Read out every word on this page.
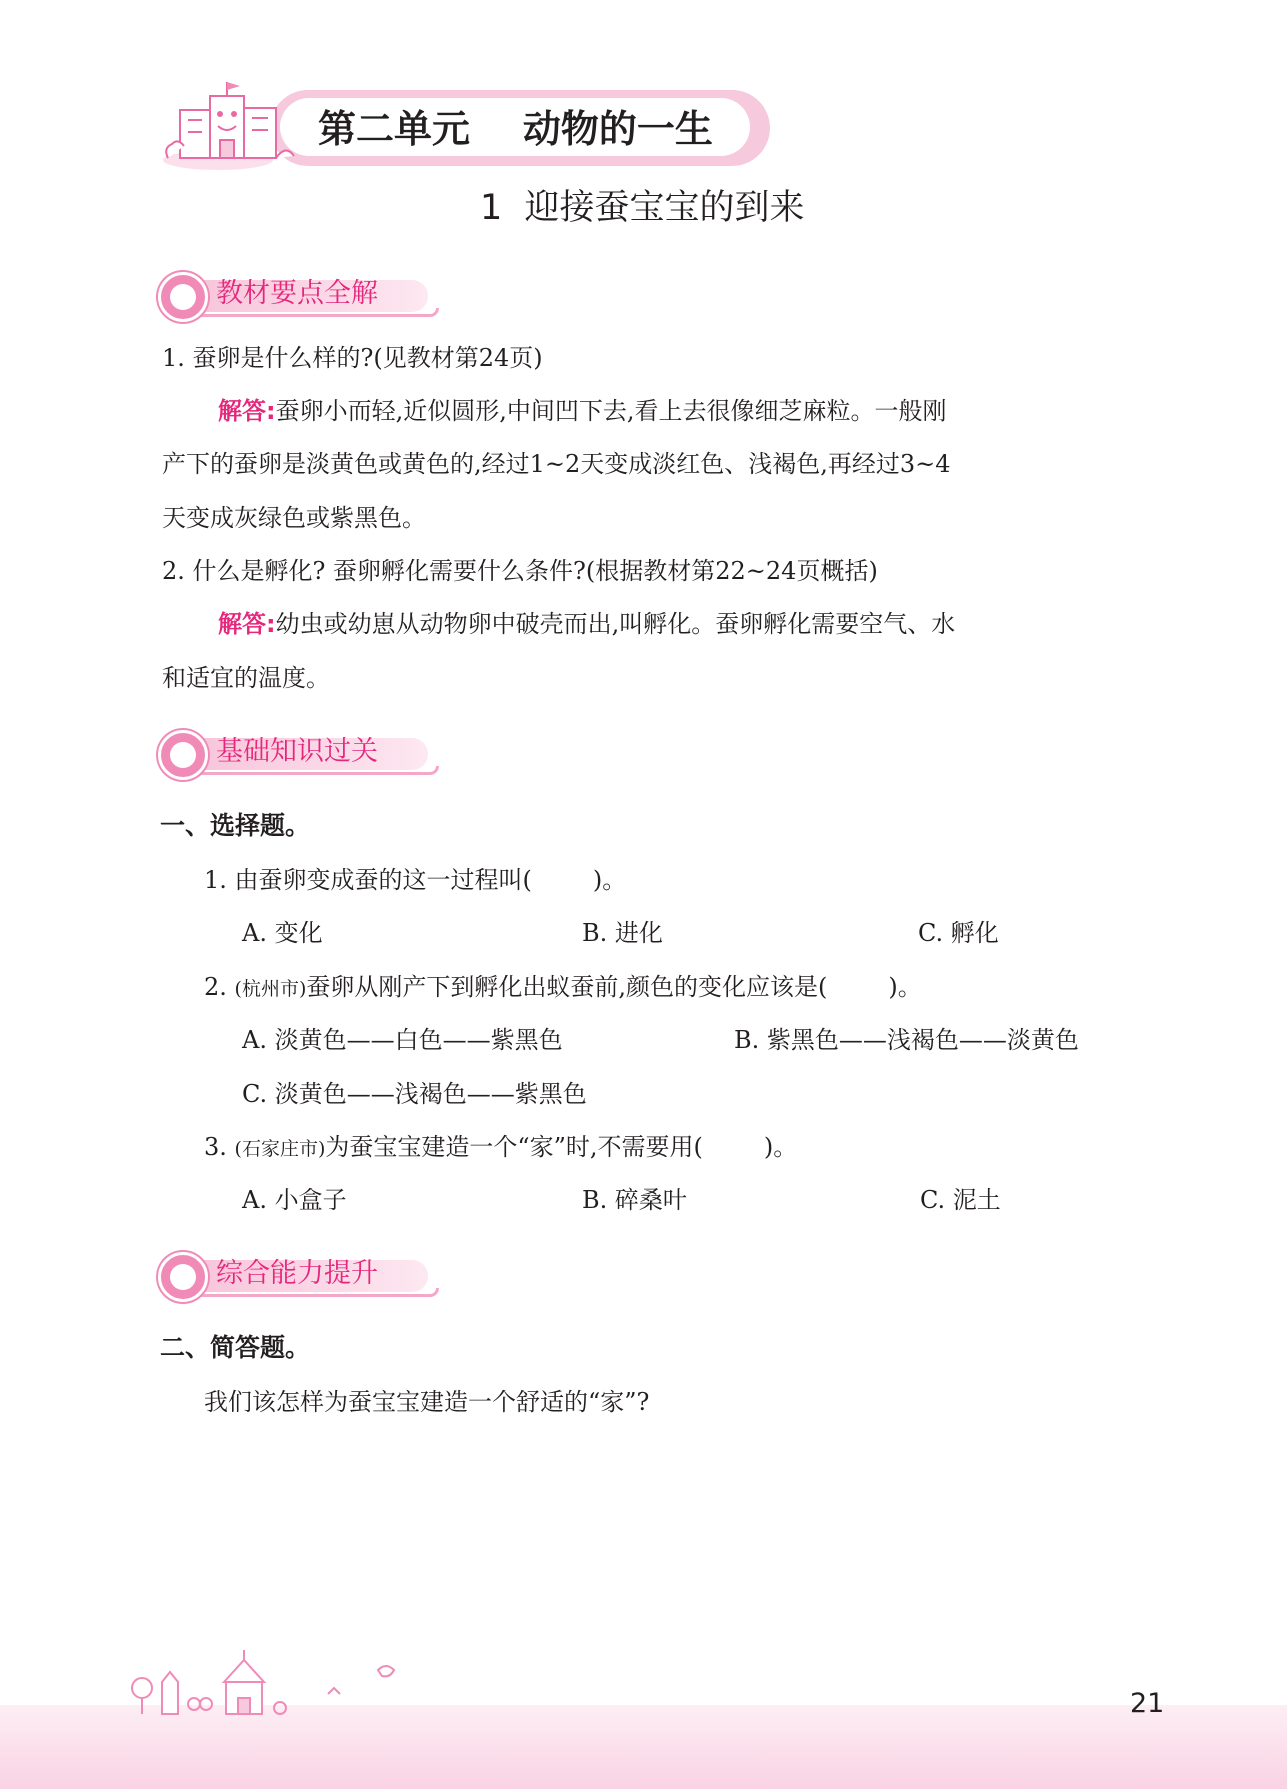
第二单元    动物的一生
1  迎接蚕宝宝的到来
教材要点全解
1. 蚕卵是什么样的?(见教材第24页)
解答:蚕卵小而轻,近似圆形,中间凹下去,看上去很像细芝麻粒。一般刚
产下的蚕卵是淡黄色或黄色的,经过1~2天变成淡红色、浅褐色,再经过3~4
天变成灰绿色或紫黑色。
2. 什么是孵化? 蚕卵孵化需要什么条件?(根据教材第22~24页概括)
解答:幼虫或幼崽从动物卵中破壳而出,叫孵化。蚕卵孵化需要空气、水
和适宜的温度。
基础知识过关
一、选择题。
1. 由蚕卵变成蚕的这一过程叫(        )。
A. 变化	B. 进化	C. 孵化
2. (杭州市)蚕卵从刚产下到孵化出蚁蚕前,颜色的变化应该是(        )。
A. 淡黄色——白色——紫黑色	B. 紫黑色——浅褐色——淡黄色
C. 淡黄色——浅褐色——紫黑色
3. (石家庄市)为蚕宝宝建造一个“家”时,不需要用(        )。
A. 小盒子	B. 碎桑叶	C. 泥土
综合能力提升
二、简答题。
我们该怎样为蚕宝宝建造一个舒适的“家”?
21
